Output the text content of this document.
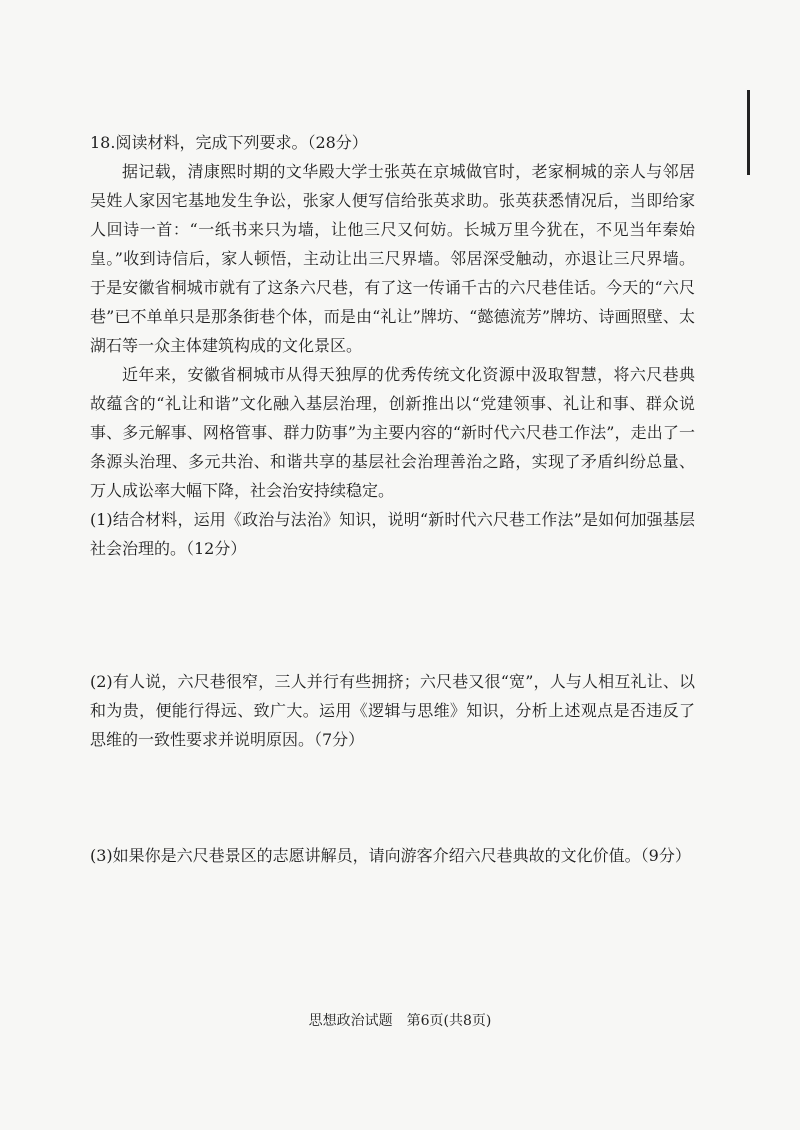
18.阅读材料，完成下列要求。（28分）

据记载，清康熙时期的文华殿大学士张英在京城做官时，老家桐城的亲人与邻居吴姓人家因宅基地发生争讼，张家人便写信给张英求助。张英获悉情况后，当即给家人回诗一首：“一纸书来只为墙，让他三尺又何妨。长城万里今犹在，不见当年秦始皇。”收到诗信后，家人顿悟，主动让出三尺界墙。邻居深受触动，亦退让三尺界墙。于是安徽省桐城市就有了这条六尺巷，有了这一传诵千古的六尺巷佳话。今天的“六尺巷”已不单单只是那条街巷个体，而是由“礼让”牌坊、“懿德流芳”牌坊、诗画照壁、太湖石等一众主体建筑构成的文化景区。

近年来，安徽省桐城市从得天独厚的优秀传统文化资源中汲取智慧，将六尺巷典故蕴含的“礼让和谐”文化融入基层治理，创新推出以“党建领事、礼让和事、群众说事、多元解事、网格管事、群力防事”为主要内容的“新时代六尺巷工作法”，走出了一条源头治理、多元共治、和谐共享的基层社会治理善治之路，实现了矛盾纠纷总量、万人成讼率大幅下降，社会治安持续稳定。

(1)结合材料，运用《政治与法治》知识，说明“新时代六尺巷工作法”是如何加强基层社会治理的。（12分）

(2)有人说，六尺巷很窄，三人并行有些拥挤；六尺巷又很“宽”，人与人相互礼让、以和为贵，便能行得远、致广大。运用《逻辑与思维》知识，分析上述观点是否违反了思维的一致性要求并说明原因。（7分）

(3)如果你是六尺巷景区的志愿讲解员，请向游客介绍六尺巷典故的文化价值。（9分）

思想政治试题　第6页(共8页)
